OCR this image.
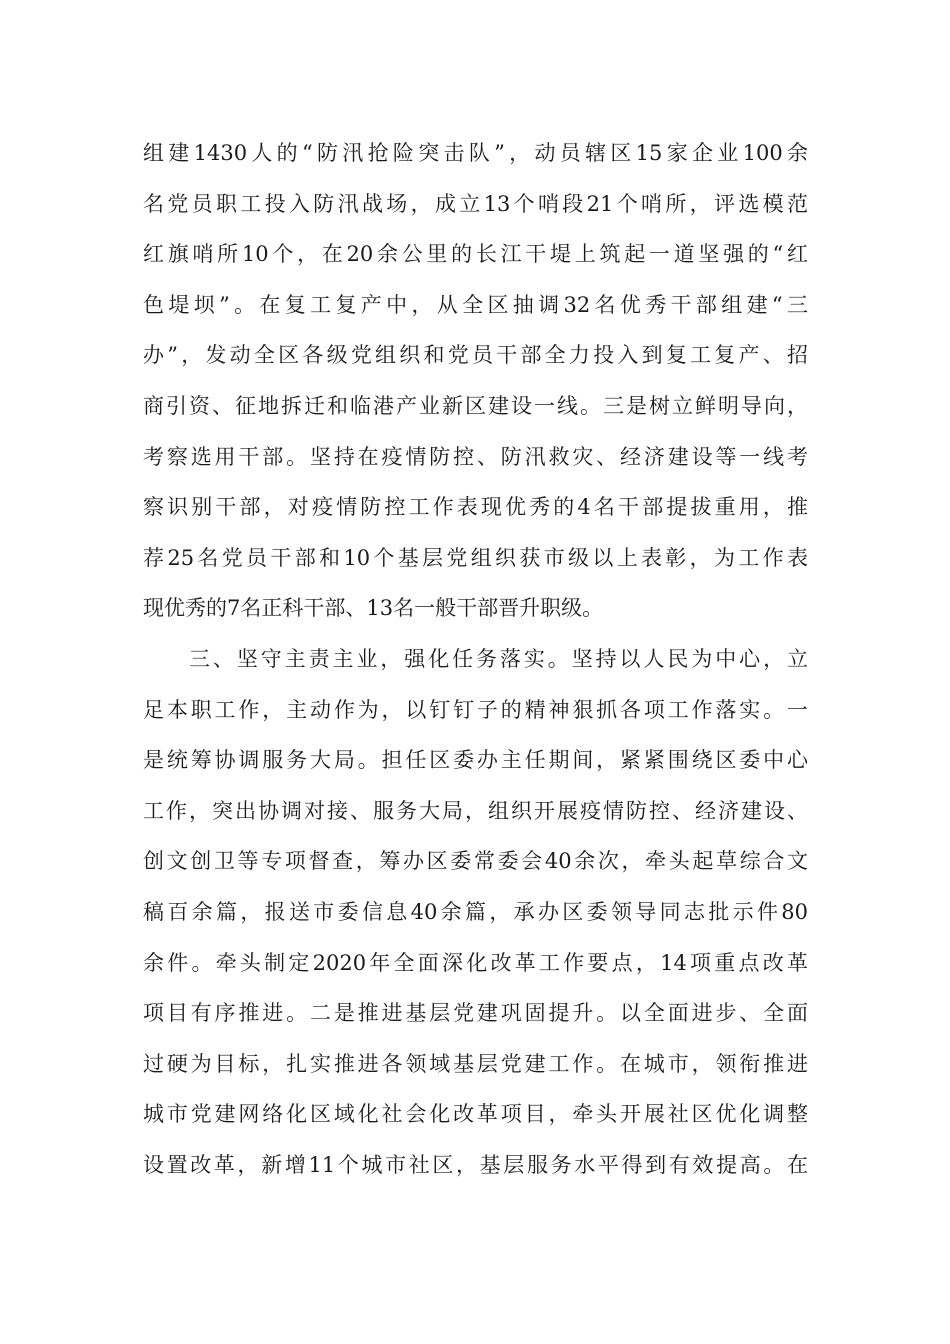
组建1430人的“防汛抢险突击队”，动员辖区15家企业100余
名党员职工投入防汛战场，成立13个哨段21个哨所，评选模范
红旗哨所10个，在20余公里的长江干堤上筑起一道坚强的“红
色堤坝”。在复工复产中，从全区抽调32名优秀干部组建“三
办”，发动全区各级党组织和党员干部全力投入到复工复产、招
商引资、征地拆迁和临港产业新区建设一线。三是树立鲜明导向，
考察选用干部。坚持在疫情防控、防汛救灾、经济建设等一线考
察识别干部，对疫情防控工作表现优秀的4名干部提拔重用，推
荐25名党员干部和10个基层党组织获市级以上表彰，为工作表
现优秀的7名正科干部、13名一般干部晋升职级。
三、坚守主责主业，强化任务落实。坚持以人民为中心，立
足本职工作，主动作为，以钉钉子的精神狠抓各项工作落实。一
是统筹协调服务大局。担任区委办主任期间，紧紧围绕区委中心
工作，突出协调对接、服务大局，组织开展疫情防控、经济建设、
创文创卫等专项督查，筹办区委常委会40余次，牵头起草综合文
稿百余篇，报送市委信息40余篇，承办区委领导同志批示件80
余件。牵头制定2020年全面深化改革工作要点，14项重点改革
项目有序推进。二是推进基层党建巩固提升。以全面进步、全面
过硬为目标，扎实推进各领域基层党建工作。在城市，领衔推进
城市党建网络化区域化社会化改革项目，牵头开展社区优化调整
设置改革，新增11个城市社区，基层服务水平得到有效提高。在
